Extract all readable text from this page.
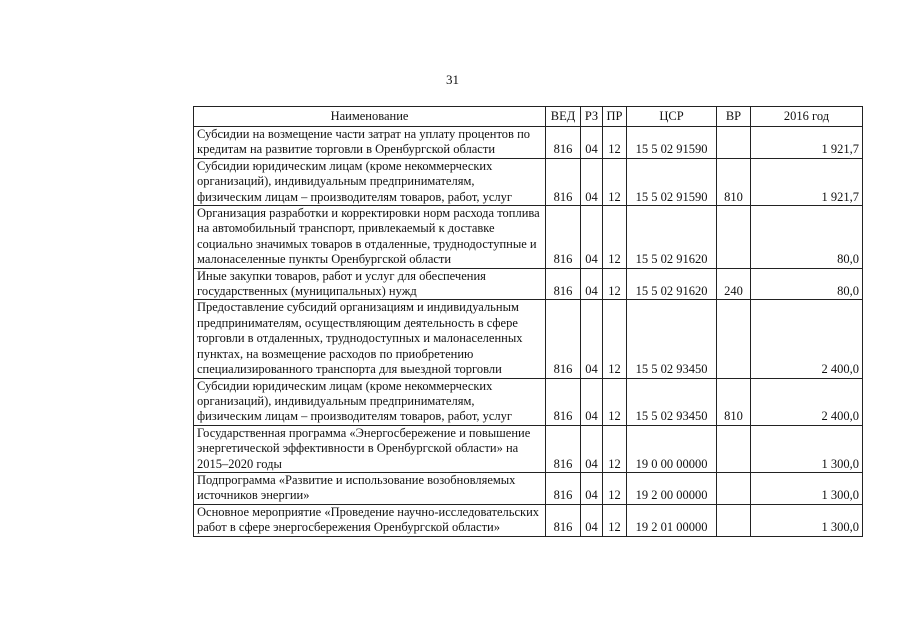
31
Наименование	ВЕД	РЗ	ПР	ЦСР	ВР	2016 год
Субсидии на возмещение части затрат на уплату процентов по кредитам на развитие торговли в Оренбургской области	816	04	12	15 5 02 91590		1 921,7
Субсидии юридическим лицам (кроме некоммерческих организаций), индивидуальным предпринимателям, физическим лицам – производителям товаров, работ, услуг	816	04	12	15 5 02 91590	810	1 921,7
Организация разработки и корректировки норм расхода топлива на автомобильный транспорт, привлекаемый к доставке социально значимых товаров в отдаленные, труднодоступные и малонаселенные пункты Оренбургской области	816	04	12	15 5 02 91620		80,0
Иные закупки товаров, работ и услуг для обеспечения государственных (муниципальных) нужд	816	04	12	15 5 02 91620	240	80,0
Предоставление субсидий организациям и индивидуальным предпринимателям, осуществляющим деятельность в сфере торговли в отдаленных, труднодоступных и малонаселенных пунктах, на возмещение расходов по приобретению специализированного транспорта для выездной торговли	816	04	12	15 5 02 93450		2 400,0
Субсидии юридическим лицам (кроме некоммерческих организаций), индивидуальным предпринимателям, физическим лицам – производителям товаров, работ, услуг	816	04	12	15 5 02 93450	810	2 400,0
Государственная программа «Энергосбережение и повышение энергетической эффективности в Оренбургской области» на 2015–2020 годы	816	04	12	19 0 00 00000		1 300,0
Подпрограмма «Развитие и использование возобновляемых источников энергии»	816	04	12	19 2 00 00000		1 300,0
Основное мероприятие «Проведение научно-исследовательских работ в сфере энергосбережения Оренбургской области»	816	04	12	19 2 01 00000		1 300,0
